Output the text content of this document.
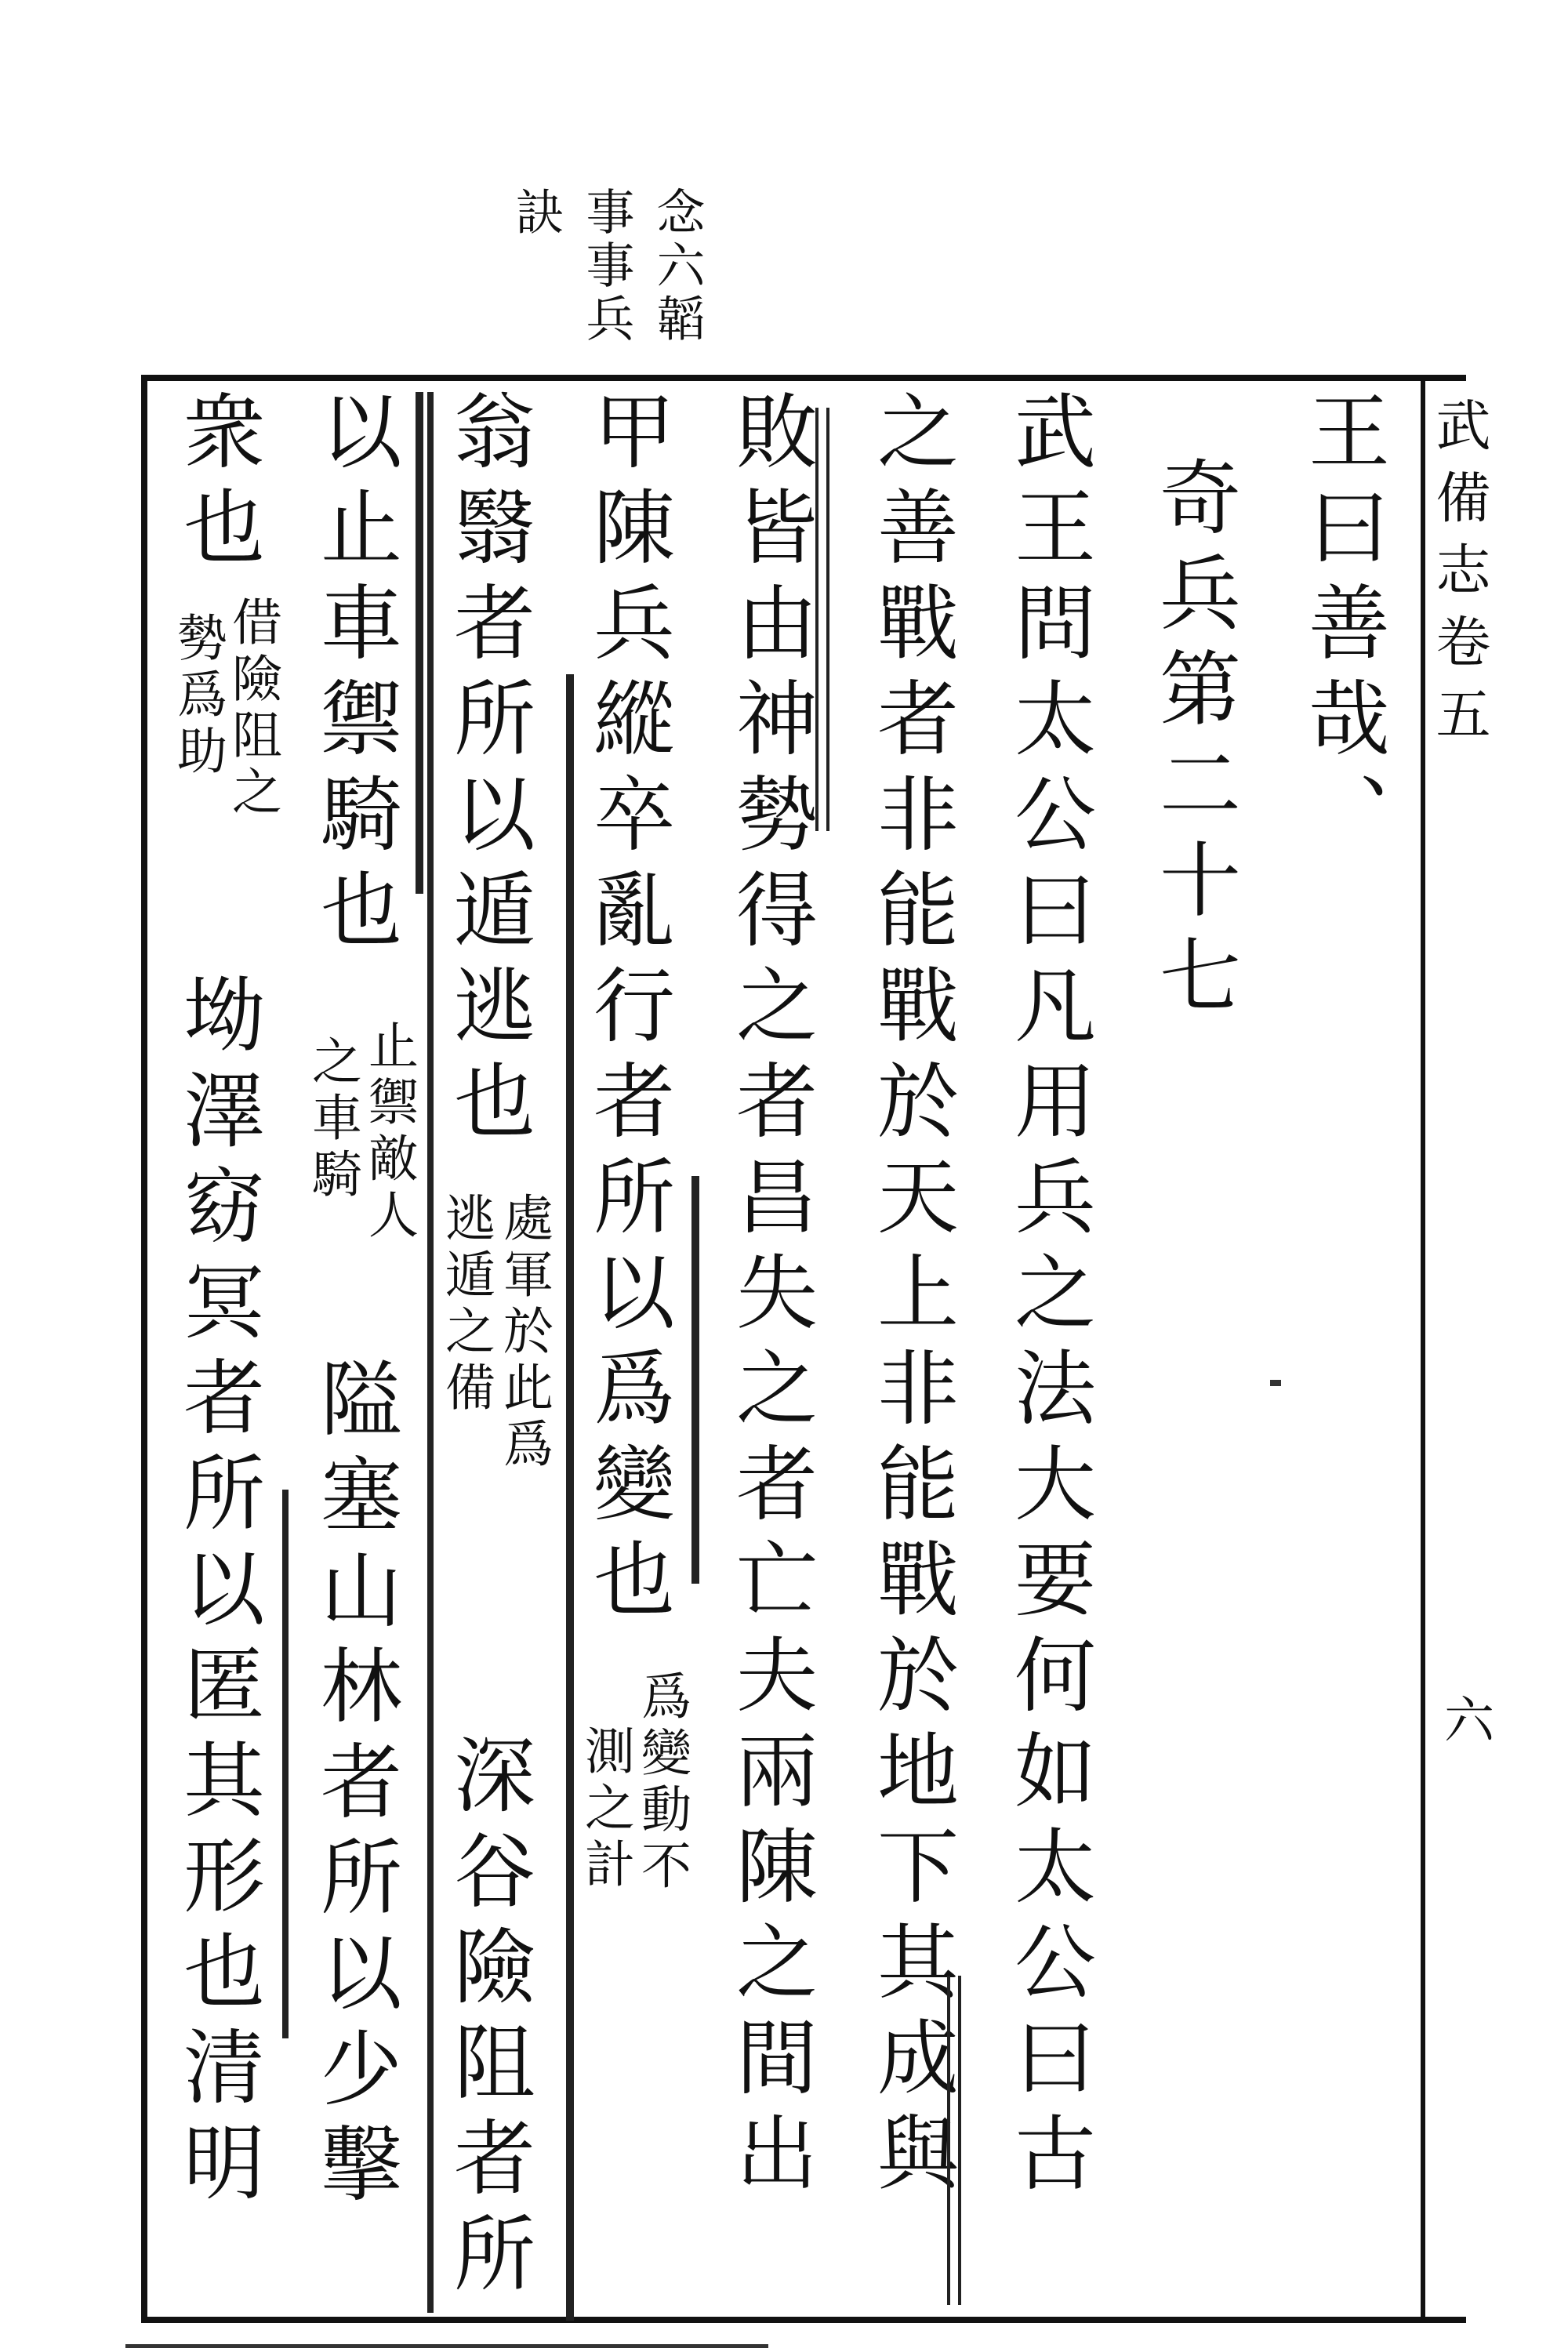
念六韜
事事兵
訣
武備志卷五
六
王曰善哉、
奇兵第二十七
武王問太公曰凡用兵之法大要何如太公曰古
之善戰者非能戰於天上非能戰於地下其成與
敗皆由神勢得之者昌失之者亡夫兩陳之間出
甲陳兵縱卒亂行者所以爲變也
爲變動不
測之計
翁翳者所以遁逃也
處軍於此爲
逃遁之備
深谷險阻者所
以止車禦騎也
止禦敵人
之車騎
隘塞山林者所以少擊
衆也
借險阻之
勢爲助
坳澤窈冥者所以匿其形也清明
